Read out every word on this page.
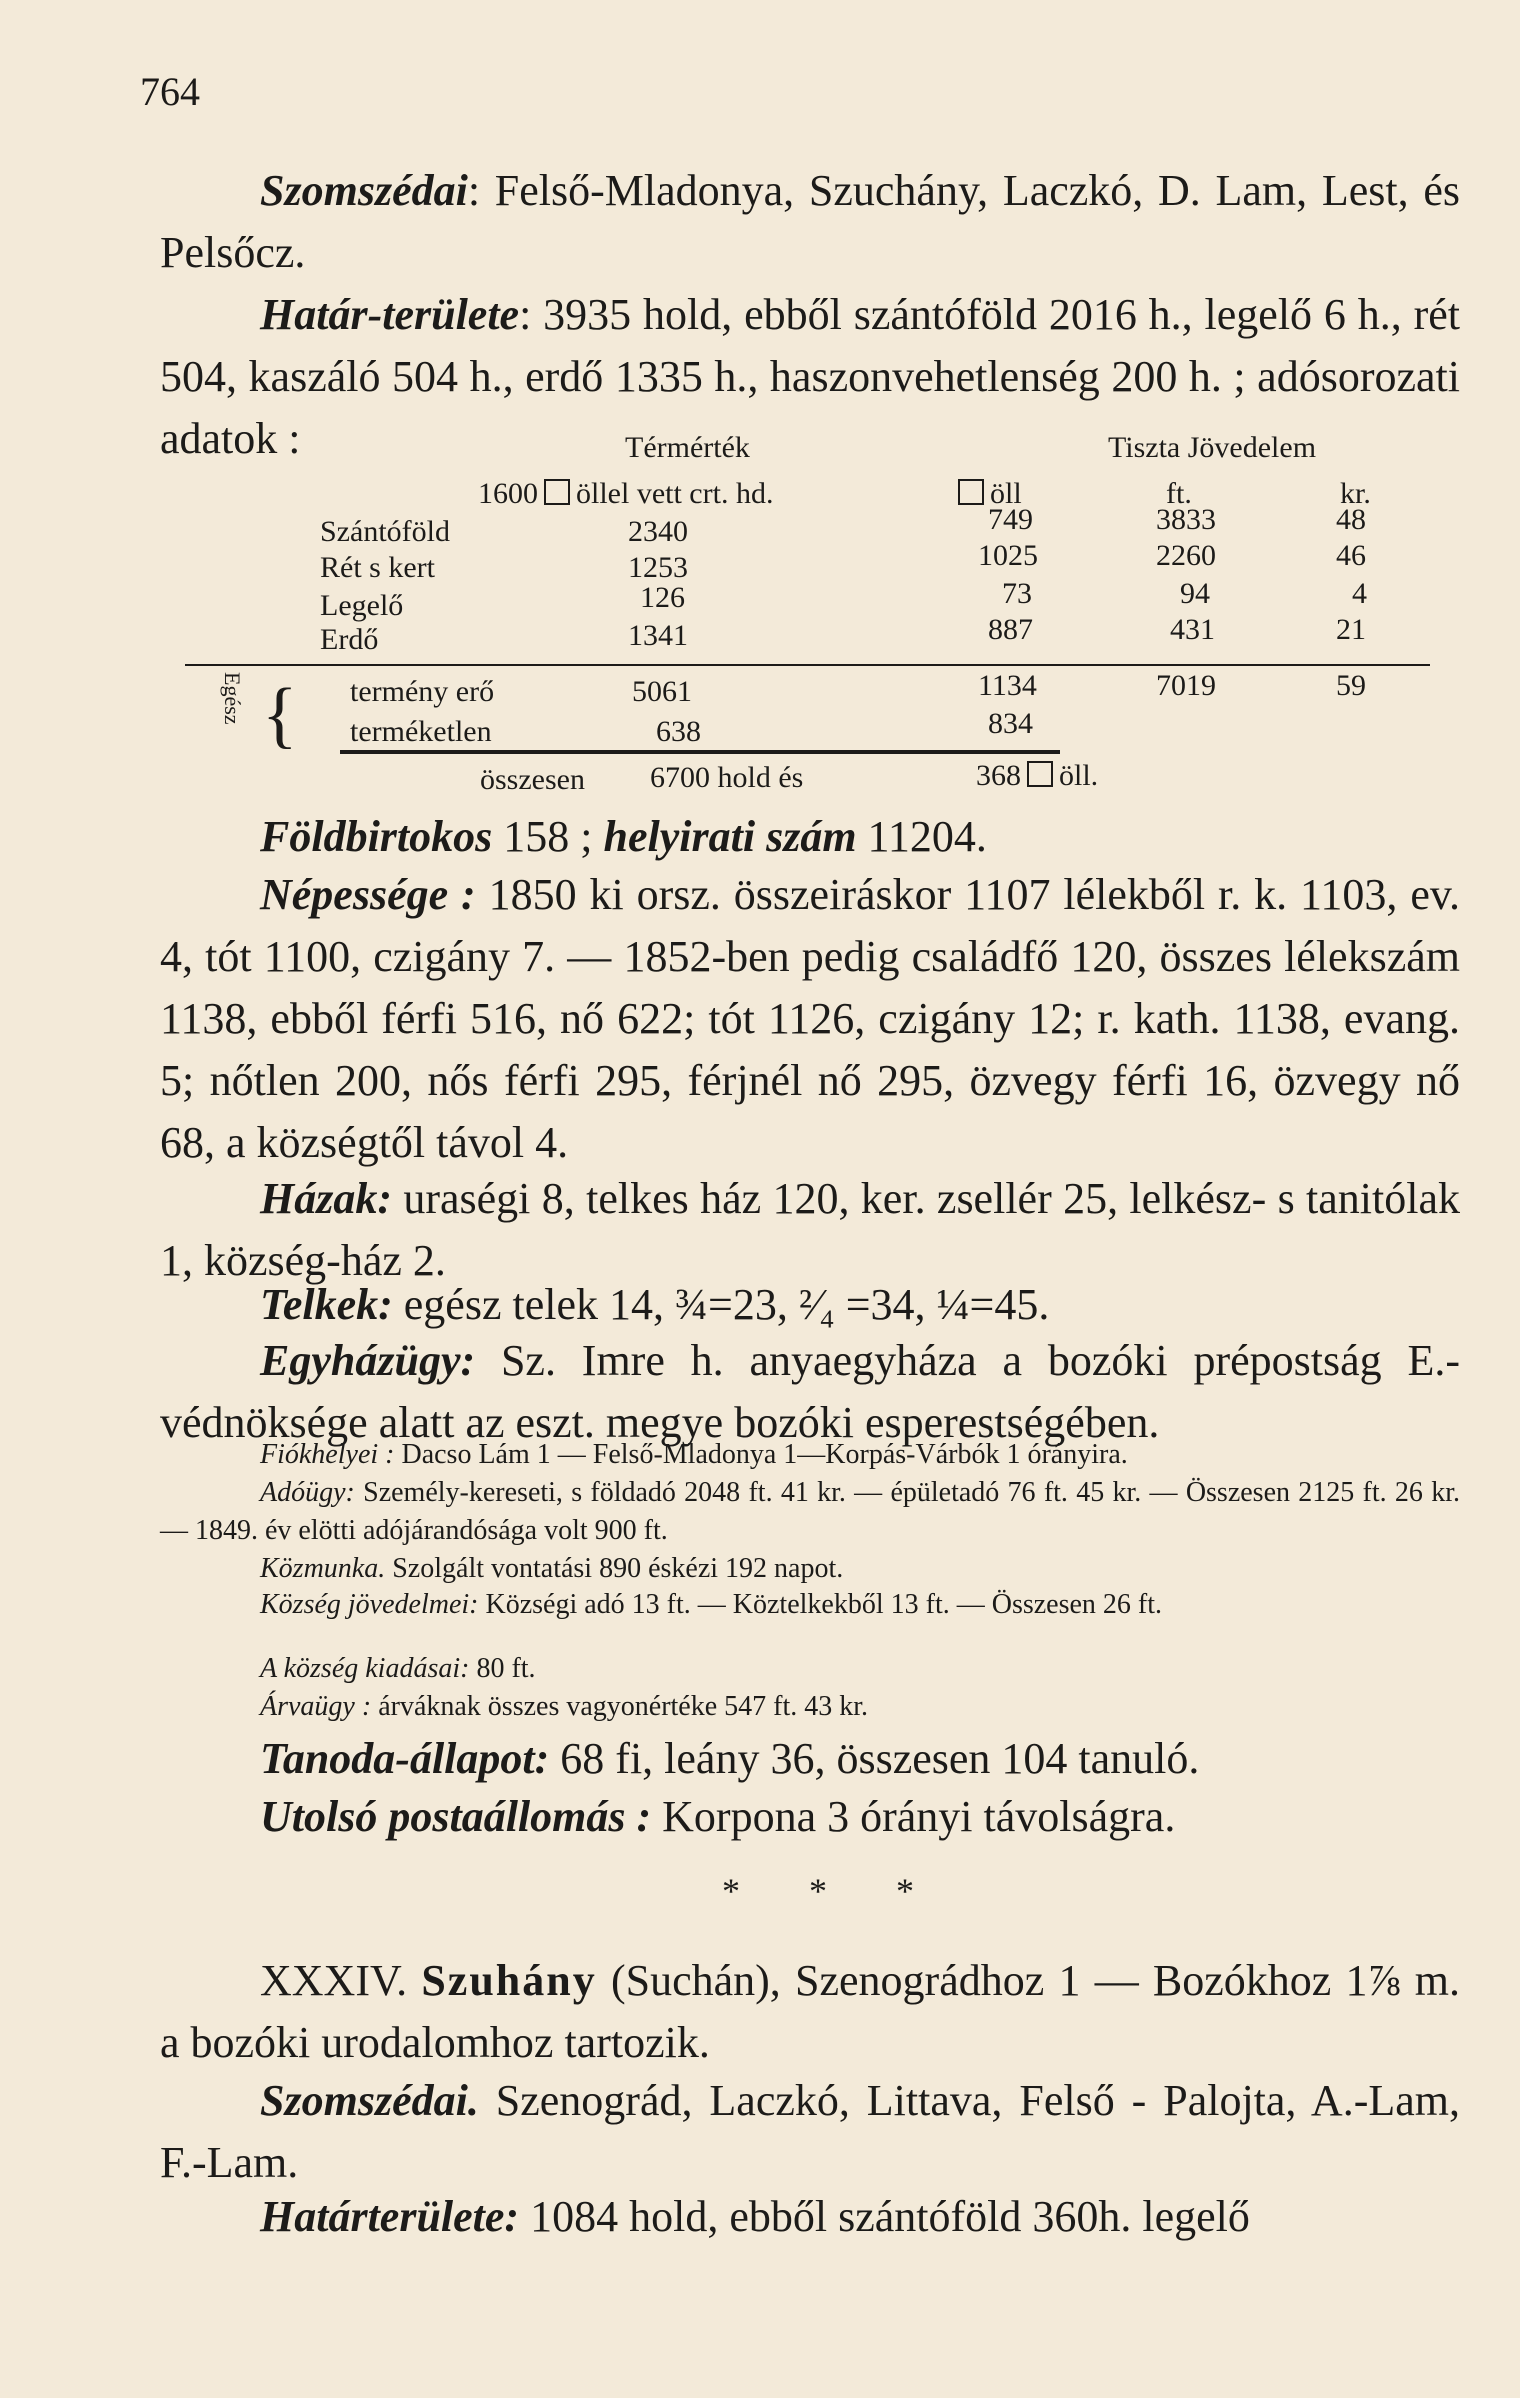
764

Szomszédai: Felső-Mladonya, Szuchány, Laczkó, D. Lam, Lest, és Pelsőcz.

Határ-területe: 3935 hold, ebből szántóföld 2016 h., legelő 6 h., rét 504, kaszáló 504 h., erdő 1335 h., haszonvehetlenség 200 h. ; adósorozati adatok :	Térmérték	Tiszta Jövedelem
1600 öllel vett crt. hd.	öll	ft.	kr.
Szántóföld	2340	749	3833	48
Rét s kert	1253	1025	2260	46
Legelő	126	73	94	4
Erdő	1341	887	431	21
Egész { termény erő	5061	1134	7019	59
terméketlen	638	834
összesen 6700 hold és	368 öll.

Földbirtokos 158 ; helyirati szám 11204.

Népessége : 1850 ki orsz. összeiráskor 1107 lélekből r. k. 1103, ev. 4, tót 1100, czigány 7. — 1852-ben pedig családfő 120, összes lélekszám 1138, ebből férfi 516, nő 622; tót 1126, czigány 12; r. kath. 1138, evang. 5; nőtlen 200, nős férfi 295, férjnél nő 295, özvegy férfi 16, özvegy nő 68, a községtől távol 4.

Házak: uraségi 8, telkes ház 120, ker. zsellér 25, lelkész- s tanitólak 1, község-ház 2.

Telkek: egész telek 14, ¾=23, ²⁄₄ =34, ¼=45.

Egyházügy: Sz. Imre h. anyaegyháza a bozóki prépostság E.-védnöksége alatt az eszt. megye bozóki esperestségében.

Fiókhelyei : Dacso Lám 1 — Felső-Mladonya 1—Korpás-Várbók 1 órányira.

Adóügy: Személy-kereseti, s földadó 2048 ft. 41 kr. — épületadó 76 ft. 45 kr. — Összesen 2125 ft. 26 kr. — 1849. év elötti adójárandósága volt 900 ft.

Közmunka. Szolgált vontatási 890 éskézi 192 napot.

Község jövedelmei: Községi adó 13 ft. — Köztelkekből 13 ft. — Összesen 26 ft.

A község kiadásai: 80 ft.

Árvaügy : árváknak összes vagyonértéke 547 ft. 43 kr.

Tanoda-állapot: 68 fi, leány 36, összesen 104 tanuló.

Utolsó postaállomás : Korpona 3 órányi távolságra.

* * *

XXXIV. Szuhány (Suchán), Szenográdhoz 1 — Bozókhoz 1⅞ m. a bozóki urodalomhoz tartozik.

Szomszédai. Szenográd, Laczkó, Littava, Felső - Palojta, A.-Lam, F.-Lam.

Határterülete: 1084 hold, ebből szántóföld 360h. legelő
